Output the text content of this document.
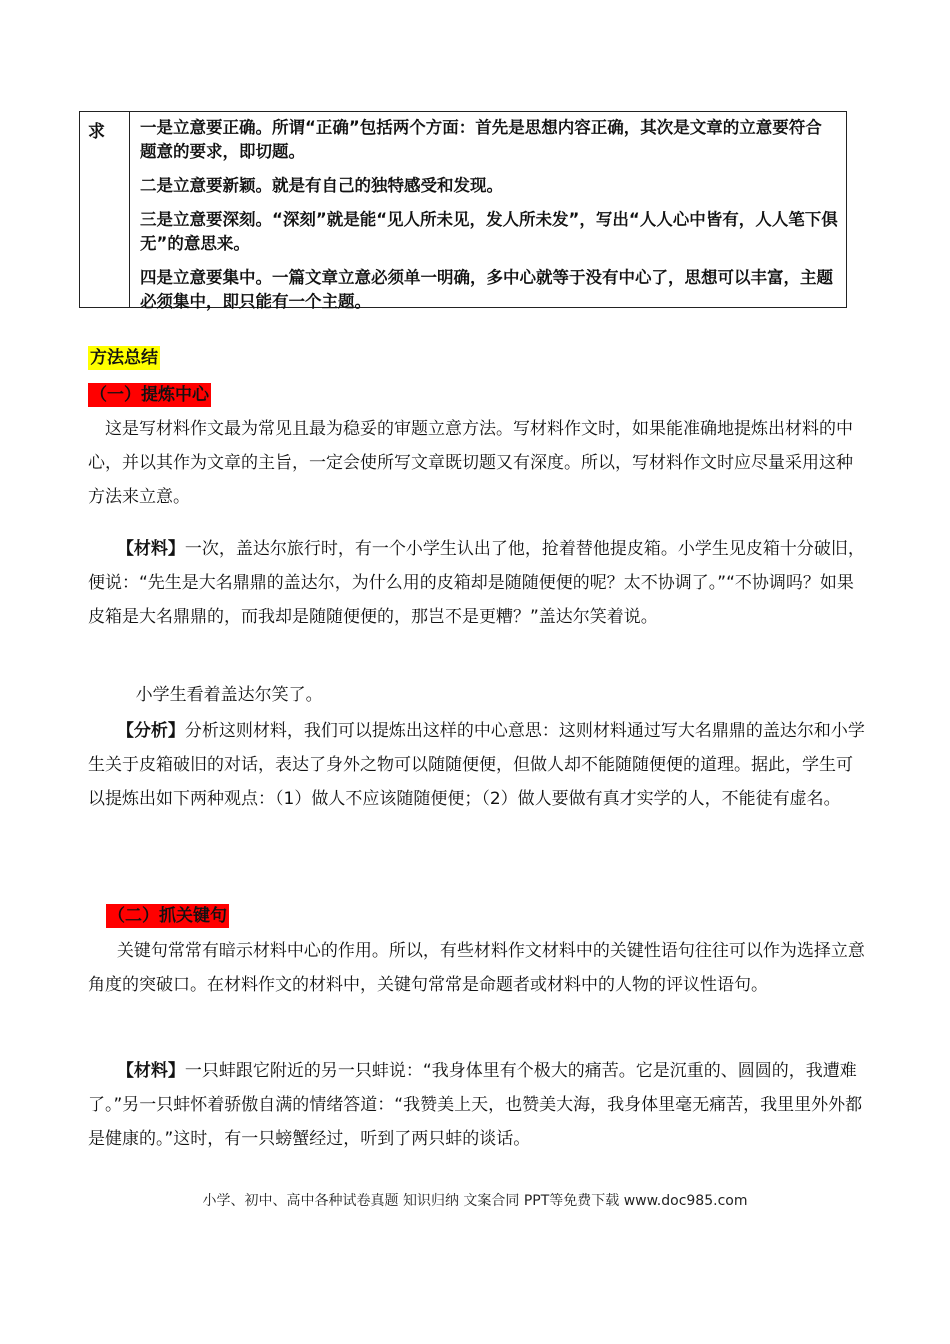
求	一是立意要正确。所谓“正确”包括两个方面：首先是思想内容正确，其次是文章的立意要符合题意的要求，即切题。

二是立意要新颖。就是有自己的独特感受和发现。

三是立意要深刻。“深刻”就是能“见人所未见，发人所未发”，写出“人人心中皆有，人人笔下俱无”的意思来。

四是立意要集中。一篇文章立意必须单一明确，多中心就等于没有中心了，思想可以丰富，主题必须集中，即只能有一个主题。

方法总结
（一）提炼中心

这是写材料作文最为常见且最为稳妥的审题立意方法。写材料作文时，如果能准确地提炼出材料的中心，并以其作为文章的主旨，一定会使所写文章既切题又有深度。所以，写材料作文时应尽量采用这种方法来立意。

【材料】一次，盖达尔旅行时，有一个小学生认出了他，抢着替他提皮箱。小学生见皮箱十分破旧，便说：“先生是大名鼎鼎的盖达尔，为什么用的皮箱却是随随便便的呢？太不协调了。”“不协调吗？如果皮箱是大名鼎鼎的，而我却是随随便便的，那岂不是更糟？”盖达尔笑着说。

小学生看着盖达尔笑了。

【分析】分析这则材料，我们可以提炼出这样的中心意思：这则材料通过写大名鼎鼎的盖达尔和小学生关于皮箱破旧的对话，表达了身外之物可以随随便便，但做人却不能随随便便的道理。据此，学生可以提炼出如下两种观点：（1）做人不应该随随便便；（2）做人要做有真才实学的人，不能徒有虚名。

（二）抓关键句

关键句常常有暗示材料中心的作用。所以，有些材料作文材料中的关键性语句往往可以作为选择立意角度的突破口。在材料作文的材料中，关键句常常是命题者或材料中的人物的评议性语句。

【材料】一只蚌跟它附近的另一只蚌说：“我身体里有个极大的痛苦。它是沉重的、圆圆的，我遭难了。”另一只蚌怀着骄傲自满的情绪答道：“我赞美上天，也赞美大海，我身体里毫无痛苦，我里里外外都是健康的。”这时，有一只螃蟹经过，听到了两只蚌的谈话。

小学、初中、高中各种试卷真题 知识归纳 文案合同 PPT等免费下载 www.doc985.com
